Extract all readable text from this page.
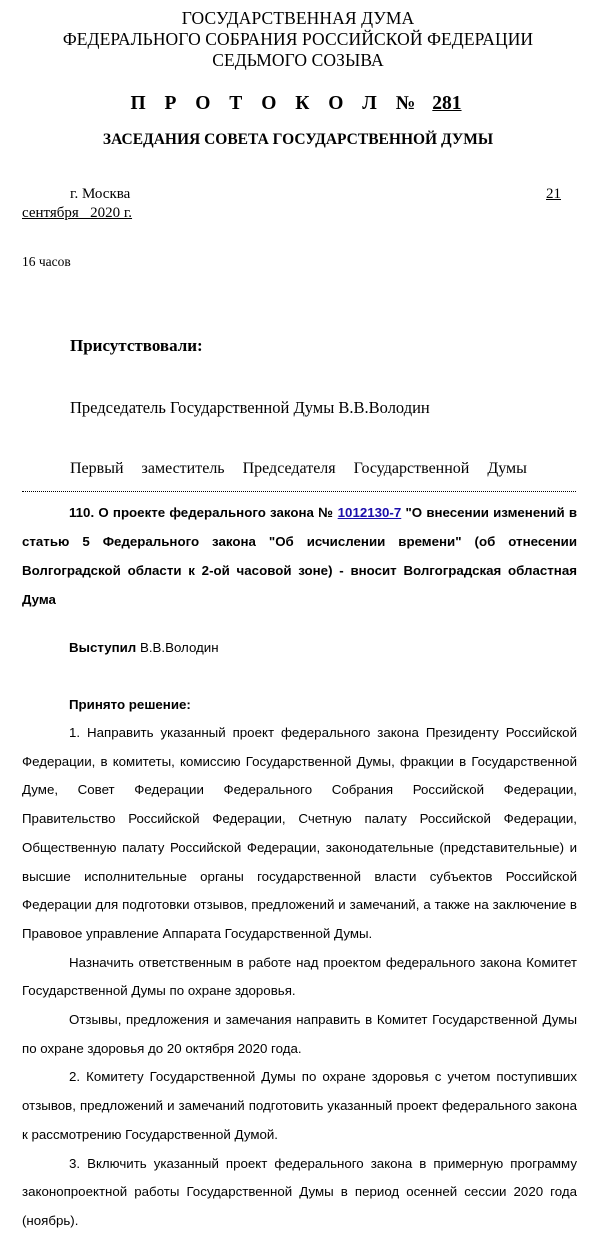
ГОСУДАРСТВЕННАЯ ДУМА
ФЕДЕРАЛЬНОГО СОБРАНИЯ РОССИЙСКОЙ ФЕДЕРАЦИИ
СЕДЬМОГО СОЗЫВА
П Р О Т О К О Л № 281
ЗАСЕДАНИЯ СОВЕТА ГОСУДАРСТВЕННОЙ ДУМЫ
г. Москва	21
сентября   2020 г.
16 часов
Присутствовали:
Председатель Государственной Думы В.В.Володин
Первый заместитель Председателя Государственной Думы
110. О проекте федерального закона № 1012130-7 "О внесении изменений в статью 5 Федерального закона "Об исчислении времени" (об отнесении Волгоградской области к 2-ой часовой зоне) - вносит Волгоградская областная Дума
Выступил В.В.Володин
Принято решение:

1. Направить указанный проект федерального закона Президенту Российской Федерации, в комитеты, комиссию Государственной Думы, фракции в Государственной Думе, Совет Федерации Федерального Собрания Российской Федерации, Правительство Российской Федерации, Счетную палату Российской Федерации, Общественную палату Российской Федерации, законодательные (представительные) и высшие исполнительные органы государственной власти субъектов Российской Федерации для подготовки отзывов, предложений и замечаний, а также на заключение в Правовое управление Аппарата Государственной Думы.

Назначить ответственным в работе над проектом федерального закона Комитет Государственной Думы по охране здоровья.

Отзывы, предложения и замечания направить в Комитет Государственной Думы по охране здоровья до 20 октября 2020 года.

2. Комитету Государственной Думы по охране здоровья с учетом поступивших отзывов, предложений и замечаний подготовить указанный проект федерального закона к рассмотрению Государственной Думой.

3. Включить указанный проект федерального закона в примерную программу законопроектной работы Государственной Думы в период осенней сессии 2020 года (ноябрь).
